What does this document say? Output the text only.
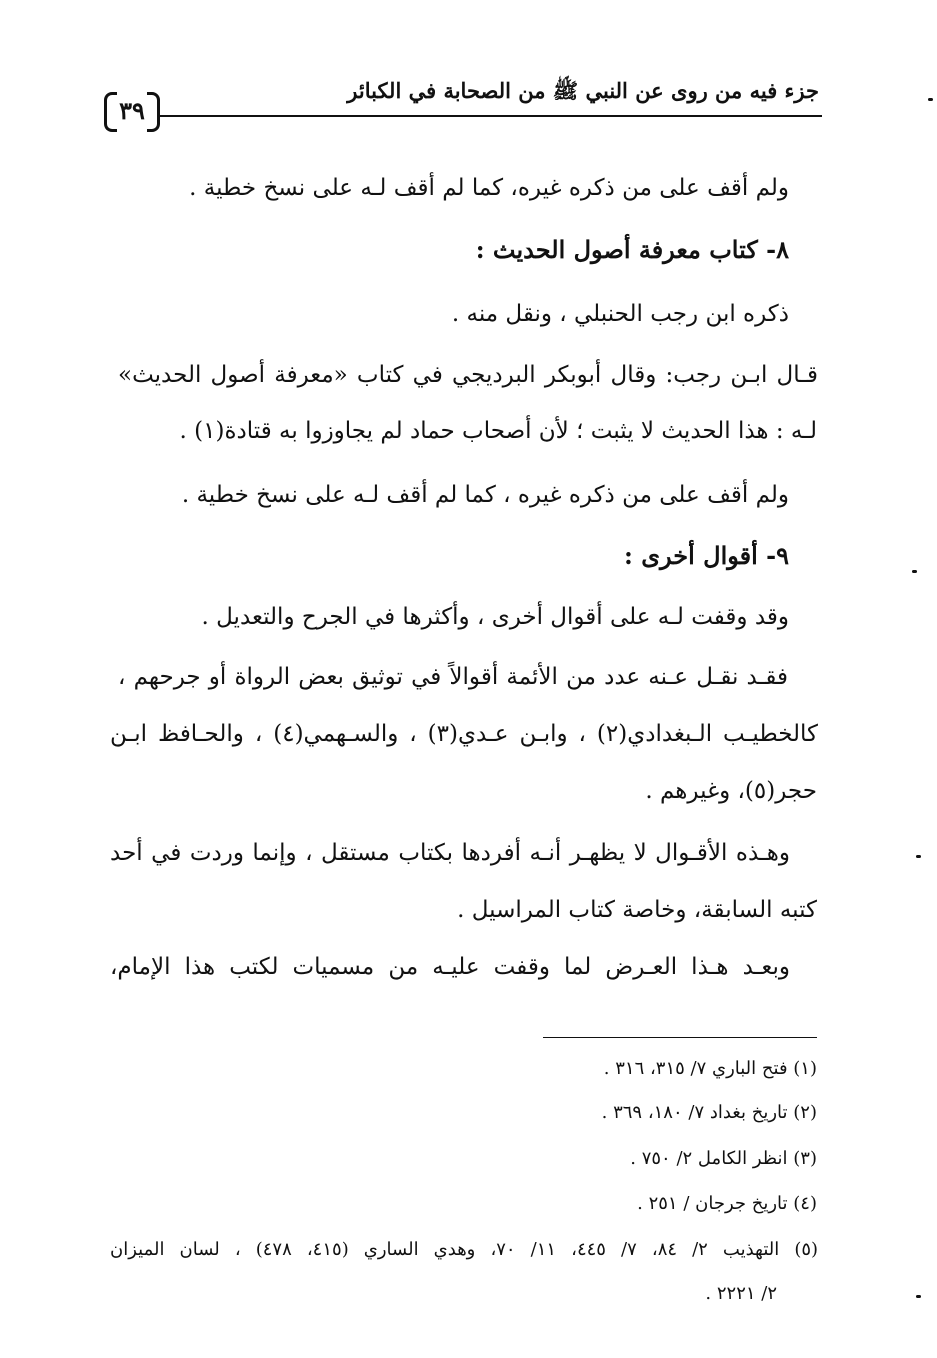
جزء فيه من روى عن النبي ﷺ من الصحابة في الكبائر
٣٩
ولم أقف على من ذكره غيره، كما لم أقف لـه على نسخ خطية .
٨- كتاب معرفة أصول الحديث :
ذكره ابن رجب الحنبلي ، ونقل منه .
قـال ابـن رجب: وقال أبوبكر البرديجي في كتاب «معرفة أصول الحديث»
لـه : هذا الحديث لا يثبت ؛ لأن أصحاب حماد لم يجاوزوا به قتادة(١) .
ولم أقف على من ذكره غيره ، كما لم أقف لـه على نسخ خطية .
٩- أقوال أخرى :
وقد وقفت لـه على أقوال أخرى ، وأكثرها في الجرح والتعديل .
فقـد نقـل عـنه عدد من الأئمة أقوالاً في توثيق بعض الرواة أو جرحهم ،
كالخطيـب الـبغدادي(٢) ، وابـن عـدي(٣) ، والسـهمي(٤) ، والحـافظ ابـن
حجر(٥)، وغيرهم .
وهـذه الأقـوال لا يظهـر أنـه أفردها بكتاب مستقل ، وإنما وردت في أحد
كتبه السابقة، وخاصة كتاب المراسيل .
وبعـد هـذا العـرض لما وقفت عليـه من مسميات لكتب هذا الإمام،
(١) فتح الباري ٧/ ٣١٥، ٣١٦ .
(٢) تاريخ بغداد ٧/ ١٨٠، ٣٦٩ .
(٣) انظر الكامل ٢/ ٧٥٠ .
(٤) تاريخ جرجان / ٢٥١ .
(٥) التهذيب ٢/ ٨٤، ٧/ ٤٤٥، ١١/ ٧٠، وهدي الساري (٤١٥، ٤٧٨) ، لسان الميزان
٢/ ٢٢٢١ .
